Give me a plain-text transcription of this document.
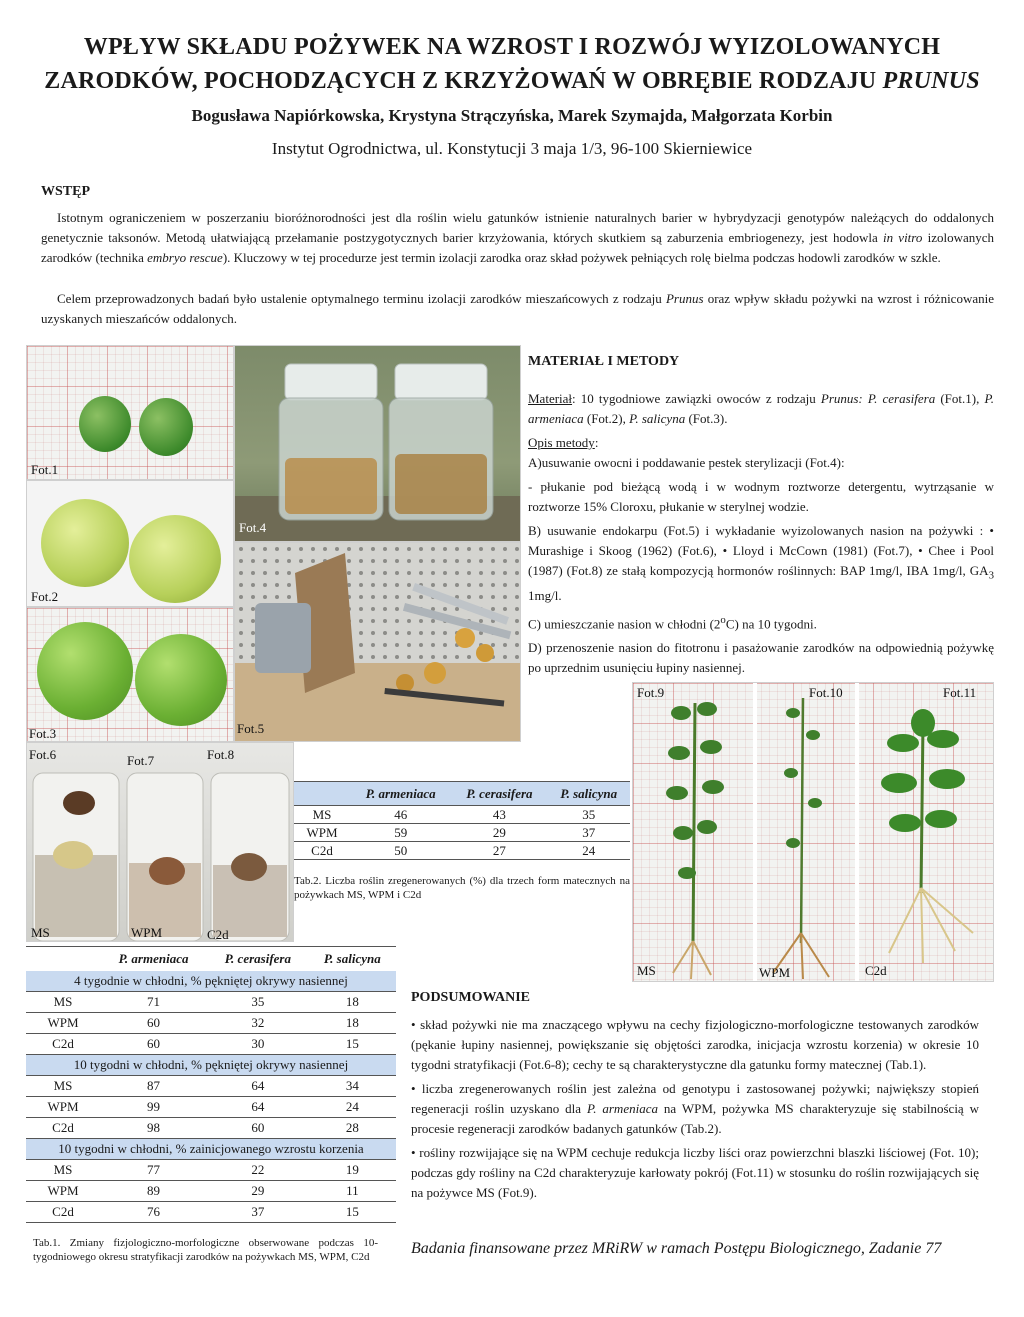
WPŁYW SKŁADU POŻYWEK NA WZROST I ROZWÓJ WYIZOLOWANYCH
ZARODKÓW, POCHODZĄCYCH Z KRZYŻOWAŃ W OBRĘBIE RODZAJU PRUNUS
Bogusława Napiórkowska, Krystyna Strączyńska, Marek Szymajda, Małgorzata Korbin
Instytut Ogrodnictwa, ul. Konstytucji 3 maja 1/3, 96-100 Skierniewice
WSTĘP
Istotnym ograniczeniem w poszerzaniu bioróżnorodności jest dla roślin wielu gatunków istnienie naturalnych barier w hybrydyzacji genotypów należących do oddalonych genetycznie taksonów. Metodą ułatwiającą przełamanie postzygotycznych barier krzyżowania, których skutkiem są zaburzenia embriogenezy, jest hodowla in vitro izolowanych zarodków (technika embryo rescue). Kluczowy w tej procedurze jest termin izolacji zarodka oraz skład pożywek pełniących rolę bielma podczas hodowli zarodków w szkle.
Celem przeprowadzonych badań było ustalenie optymalnego terminu izolacji zarodków mieszańcowych z rodzaju Prunus oraz wpływ składu pożywki na wzrost i różnicowanie uzyskanych mieszańców oddalonych.
Fot.1
Fot.2
Fot.3
Fot.4
Fot.5
Fot.6	Fot.7	Fot.8
MS	WPM	C2d
	P. armeniaca	P. cerasifera	P. salicyna
MS	46	43	35
WPM	59	29	37
C2d	50	27	24
Tab.2. Liczba roślin zregenerowanych (%) dla trzech form matecznych na pożywkach MS, WPM i C2d
MATERIAŁ I METODY

Materiał: 10 tygodniowe zawiązki owoców z rodzaju Prunus: P. cerasifera (Fot.1), P. armeniaca (Fot.2), P. salicyna (Fot.3).

Opis metody:

A)usuwanie owocni i poddawanie pestek sterylizacji (Fot.4):

- płukanie pod bieżącą wodą i w wodnym roztworze detergentu, wytrząsanie w roztworze 15% Cloroxu, płukanie w sterylnej wodzie.

B) usuwanie endokarpu (Fot.5) i wykładanie wyizolowanych nasion na pożywki : • Murashige i Skoog (1962) (Fot.6), • Lloyd i McCown (1981) (Fot.7), • Chee i Pool (1987) (Fot.8) ze stałą kompozycją hormonów roślinnych: BAP 1mg/l, IBA 1mg/l, $GA_3$ 1mg/l.

C) umieszczanie nasion w chłodni (2$^o$C) na 10 tygodni.

D) przenoszenie nasion do fitotronu i pasażowanie zarodków na odpowiednią pożywkę po uprzednim usunięciu łupiny nasiennej.

Fot.9	Fot.10	Fot.11
MS	WPM	C2d
	P. armeniaca	P. cerasifera	P. salicyna
4 tygodnie w chłodni, % pękniętej okrywy nasiennej			
MS	71	35	18
WPM	60	32	18
C2d	60	30	15
10 tygodni w chłodni, % pękniętej okrywy nasiennej			
MS	87	64	34
WPM	99	64	24
C2d	98	60	28
10 tygodni w chłodni, % zainicjowanego wzrostu korzenia			
MS	77	22	19
WPM	89	29	11
C2d	76	37	15
Tab.1. Zmiany fizjologiczno-morfologiczne obserwowane podczas 10- tygodniowego okresu stratyfikacji zarodków na pożywkach MS, WPM, C2d
PODSUMOWANIE

• skład pożywki nie ma znaczącego wpływu na cechy fizjologiczno-morfologiczne testowanych zarodków (pękanie łupiny nasiennej, powiększanie się objętości zarodka, inicjacja wzrostu korzenia) w okresie 10 tygodni stratyfikacji (Fot.6-8); cechy te są charakterystyczne dla gatunku formy matecznej (Tab.1).

• liczba zregenerowanych roślin jest zależna od genotypu i zastosowanej pożywki; największy stopień regeneracji roślin uzyskano dla P. armeniaca na WPM, pożywka MS charakteryzuje się stabilnością w procesie regeneracji zarodków badanych gatunków (Tab.2).

• rośliny rozwijające się na WPM cechuje redukcja liczby liści oraz powierzchni blaszki liściowej (Fot. 10); podczas gdy rośliny na C2d charakteryzuje karłowaty pokrój (Fot.11) w stosunku do roślin rozwijających się na pożywce MS (Fot.9).

Badania finansowane przez MRiRW w ramach Postępu Biologicznego, Zadanie 77
